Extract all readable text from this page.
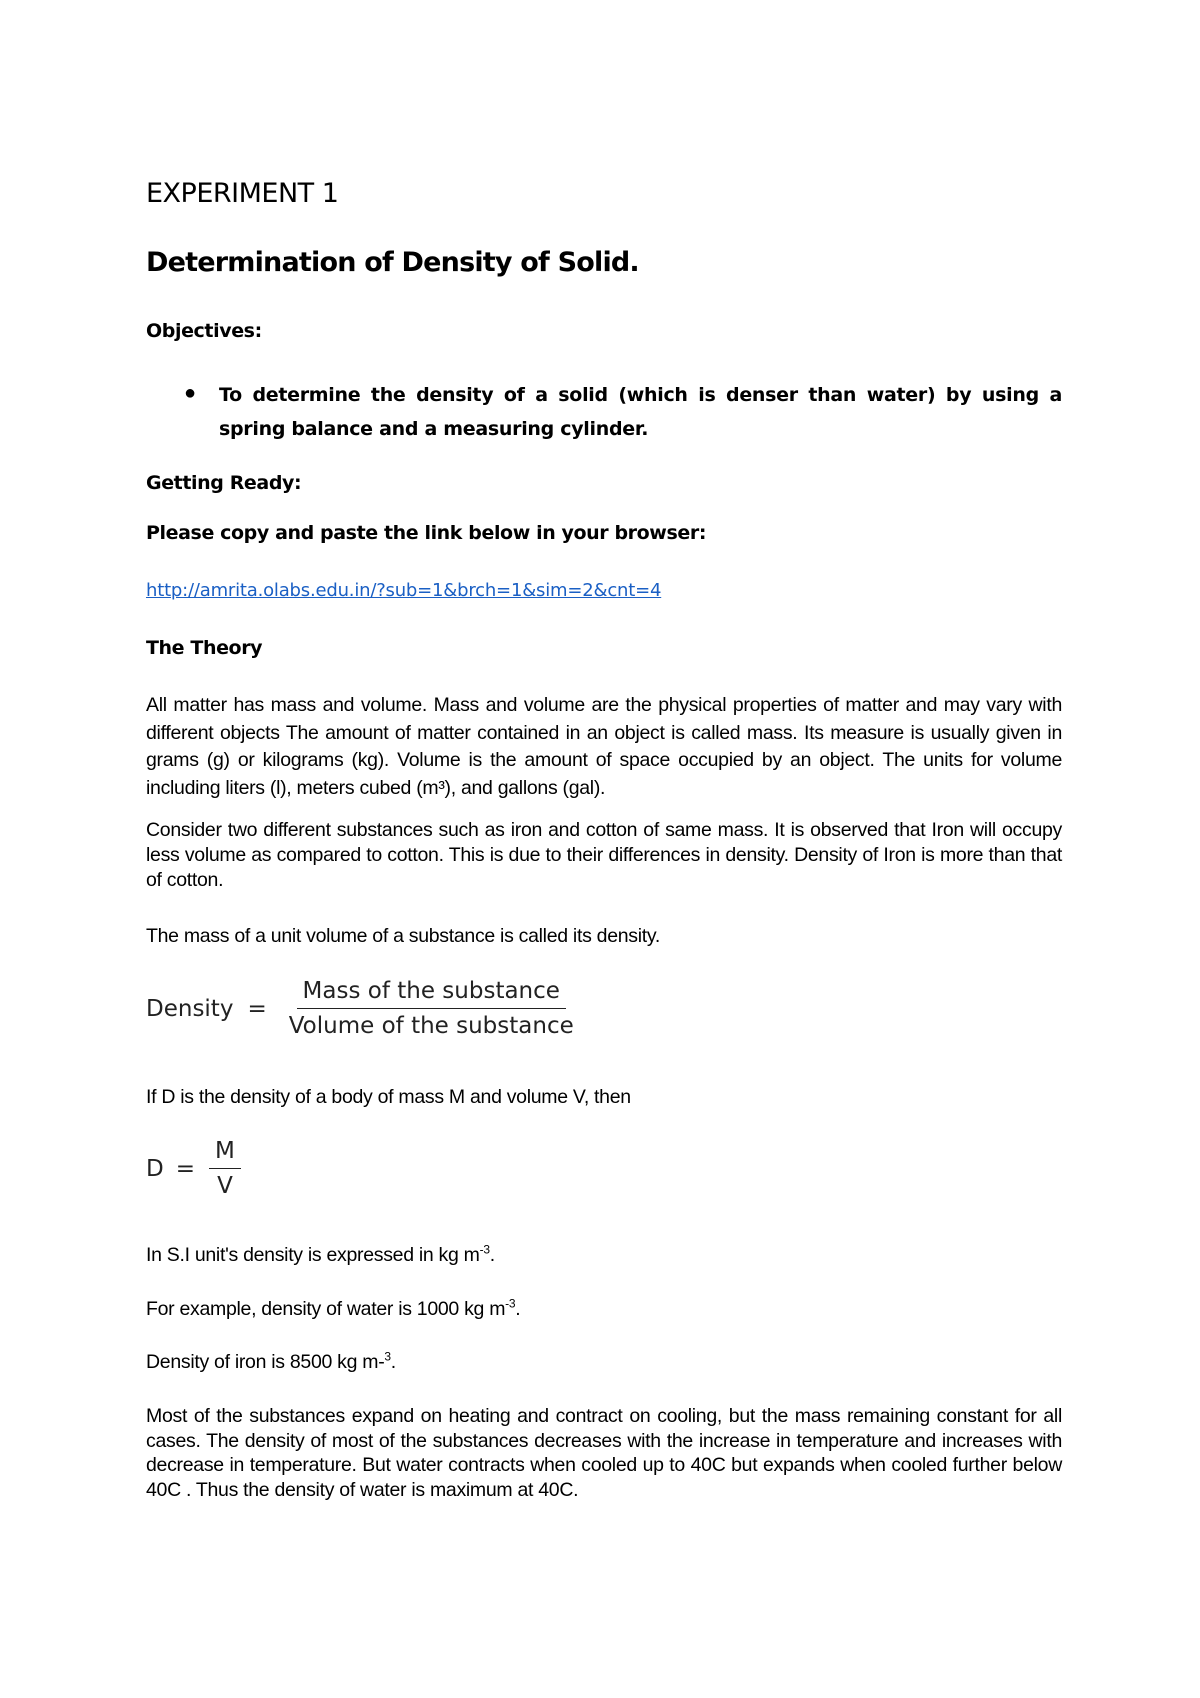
EXPERIMENT 1
Determination of Density of Solid.
Objectives:
● To determine the density of a solid (which is denser than water) by using a spring balance and a measuring cylinder.
Getting Ready:
Please copy and paste the link below in your browser:
http://amrita.olabs.edu.in/?sub=1&brch=1&sim=2&cnt=4
The Theory

All matter has mass and volume. Mass and volume are the physical properties of matter and may vary with different objects The amount of matter contained in an object is called mass. Its measure is usually given in grams (g) or kilograms (kg). Volume is the amount of space occupied by an object. The units for volume including liters (l), meters cubed (m³), and gallons (gal).

Consider two different substances such as iron and cotton of same mass. It is observed that Iron will occupy less volume as compared to cotton. This is due to their differences in density. Density of Iron is more than that of cotton.

The mass of a unit volume of a substance is called its density.

Density = $\frac{\text{Mass of the substance}}{\text{Volume of the substance}}$

If D is the density of a body of mass M and volume V, then

$D = \frac{M}{V}$

In S.I unit's density is expressed in kg $m^{-3}$.

For example, density of water is 1000 kg $m^{-3}$.

Density of iron is 8500 kg m-$^3$.

Most of the substances expand on heating and contract on cooling, but the mass remaining constant for all cases. The density of most of the substances decreases with the increase in temperature and increases with decrease in temperature. But water contracts when cooled up to 40C but expands when cooled further below 40C . Thus the density of water is maximum at 40C.
